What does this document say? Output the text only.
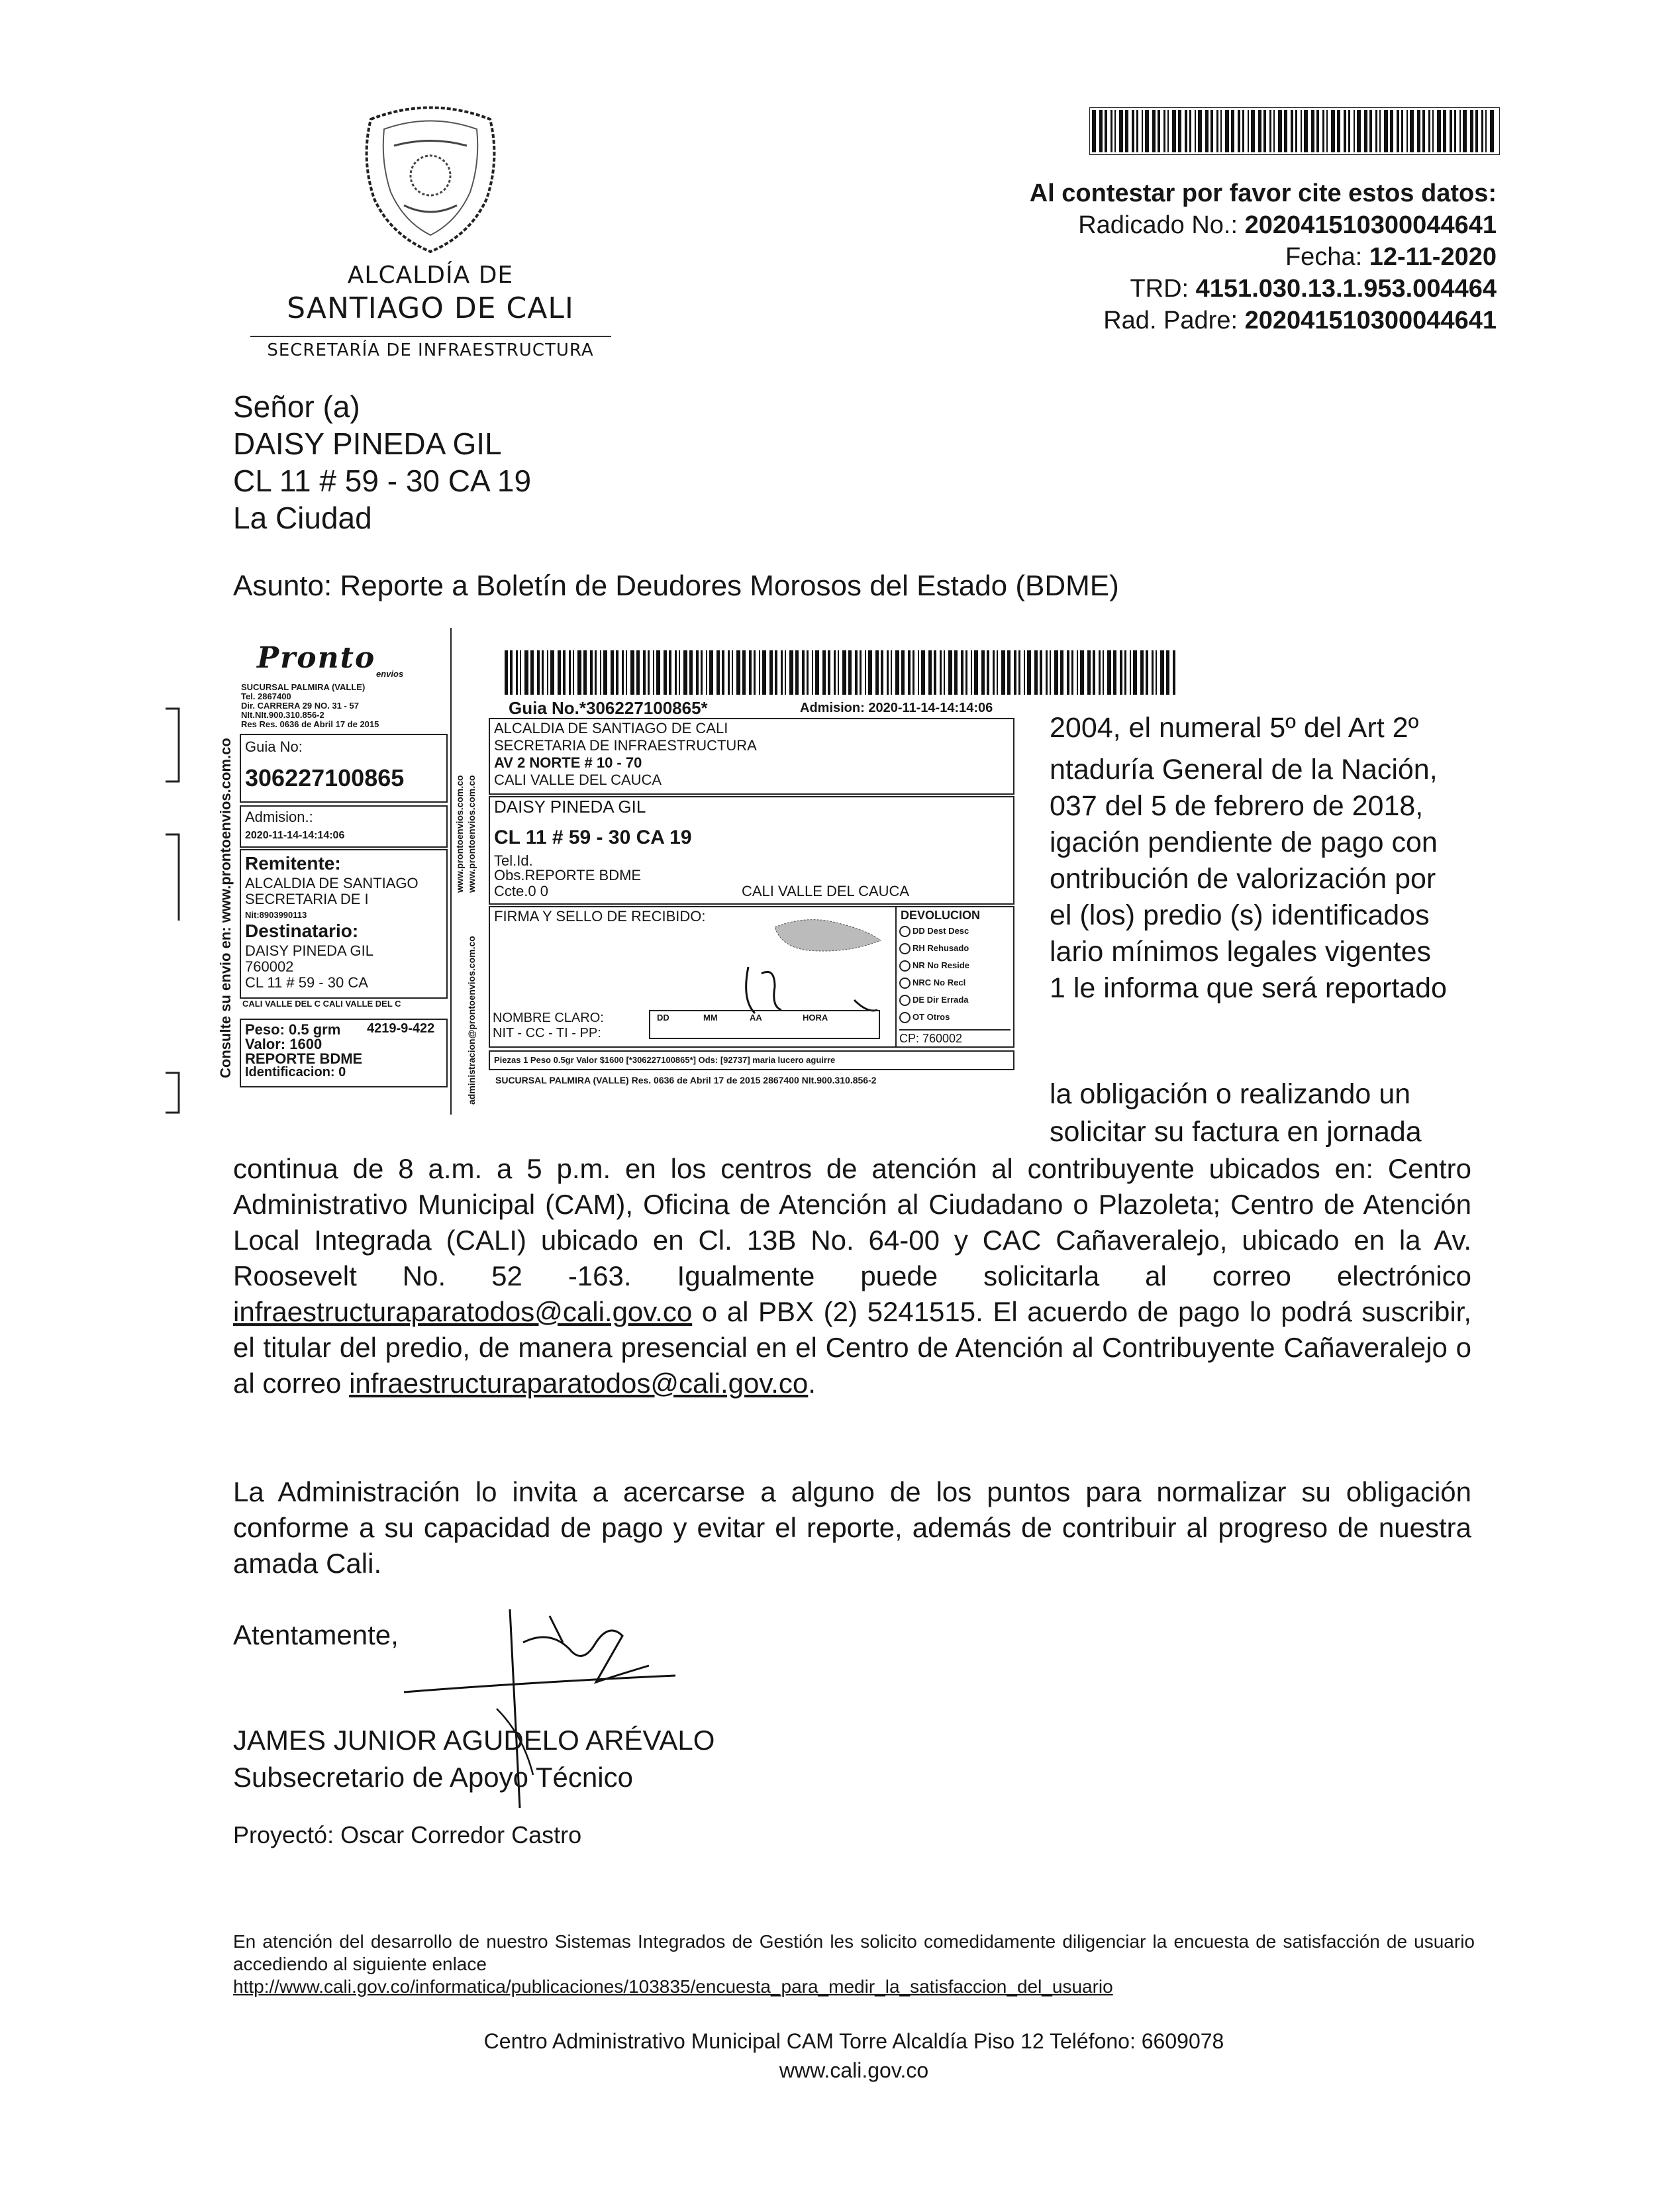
ALCALDÍA DE
SANTIAGO DE CALI
SECRETARÍA DE INFRAESTRUCTURA
Al contestar por favor cite estos datos:
Radicado No.: 202041510300044641
Fecha: 12-11-2020
TRD: 4151.030.13.1.953.004464
Rad. Padre: 202041510300044641
Señor (a)
DAISY PINEDA GIL
CL 11 # 59 - 30 CA 19
La Ciudad
Asunto: Reporte a Boletín de Deudores Morosos del Estado (BDME)
2004, el numeral 5º del Art 2º
ntaduría General de la Nación,
037 del 5 de febrero de 2018,
igación pendiente de pago con
ontribución de valorización por
el (los) predio (s) identificados
lario mínimos legales vigentes
1 le informa que será reportado
la obligación o realizando un
solicitar su factura en jornada
continua de 8 a.m. a 5 p.m. en los centros de atención al contribuyente ubicados en: Centro Administrativo Municipal (CAM), Oficina de Atención al Ciudadano o Plazoleta; Centro de Atención Local Integrada (CALI) ubicado en Cl. 13B No. 64-00 y CAC Cañaveralejo, ubicado en la Av. Roosevelt No. 52 -163. Igualmente puede solicitarla al correo electrónico infraestructuraparatodos@cali.gov.co o al PBX (2) 5241515. El acuerdo de pago lo podrá suscribir, el titular del predio, de manera presencial en el Centro de Atención al Contribuyente Cañaveralejo o al correo infraestructuraparatodos@cali.gov.co.
La Administración lo invita a acercarse a alguno de los puntos para normalizar su obligación conforme a su capacidad de pago y evitar el reporte, además de contribuir al progreso de nuestra amada Cali.
Atentamente,
JAMES JUNIOR AGUDELO ARÉVALO
Subsecretario de Apoyo Técnico
Proyectó: Oscar Corredor Castro
En atención del desarrollo de nuestro Sistemas Integrados de Gestión les solicito comedidamente diligenciar la encuesta de satisfacción de usuario accediendo al siguiente enlace
http://www.cali.gov.co/informatica/publicaciones/103835/encuesta_para_medir_la_satisfaccion_del_usuario
Centro Administrativo Municipal CAM Torre Alcaldía Piso 12 Teléfono: 6609078
www.cali.gov.co
Pronto envios
SUCURSAL PALMIRA (VALLE)
Tel. 2867400
Dir. CARRERA 29 NO. 31 - 57
NIt.NIt.900.310.856-2
Res Res. 0636 de Abril 17 de 2015
Guia No:
306227100865
Admision.:
2020-11-14-14:14:06
Remitente:
ALCALDIA DE SANTIAGO
SECRETARIA DE I
Nit:8903990113
Destinatario:
DAISY PINEDA GIL
760002
CL 11 # 59 - 30 CA
CALI VALLE DEL C CALI VALLE DEL C
Peso: 0.5 grm 4219-9-422
Valor: 1600
REPORTE BDME
Identificacion: 0
Consulte su envio en: www.prontoenvios.com.co
Guia No.*306227100865*	Admision: 2020-11-14-14:14:06
ALCALDIA DE SANTIAGO DE CALI
SECRETARIA DE INFRAESTRUCTURA
AV 2 NORTE # 10 - 70
CALI VALLE DEL CAUCA
DAISY PINEDA GIL
CL 11 # 59 - 30 CA 19
Tel.Id.
Obs.REPORTE BDME
Ccte.0 0	CALI VALLE DEL CAUCA
FIRMA Y SELLO DE RECIBIDO:
NOMBRE CLARO:
NIT - CC - TI - PP:
DD	MM	AA	HORA
DEVOLUCION
DD Dest Desc
RH Rehusado
NR No Reside
NRC No Recl
DE Dir Errada
OT Otros
CP: 760002
Piezas 1 Peso 0.5gr Valor $1600 [*306227100865*] Ods: [92737] maria lucero aguirre
SUCURSAL PALMIRA (VALLE) Res. 0636 de Abril 17 de 2015 2867400 NIt.900.310.856-2
www.prontoenvios.com.co www.prontoenvios.com.co
administracion@prontoenvios.com.co
